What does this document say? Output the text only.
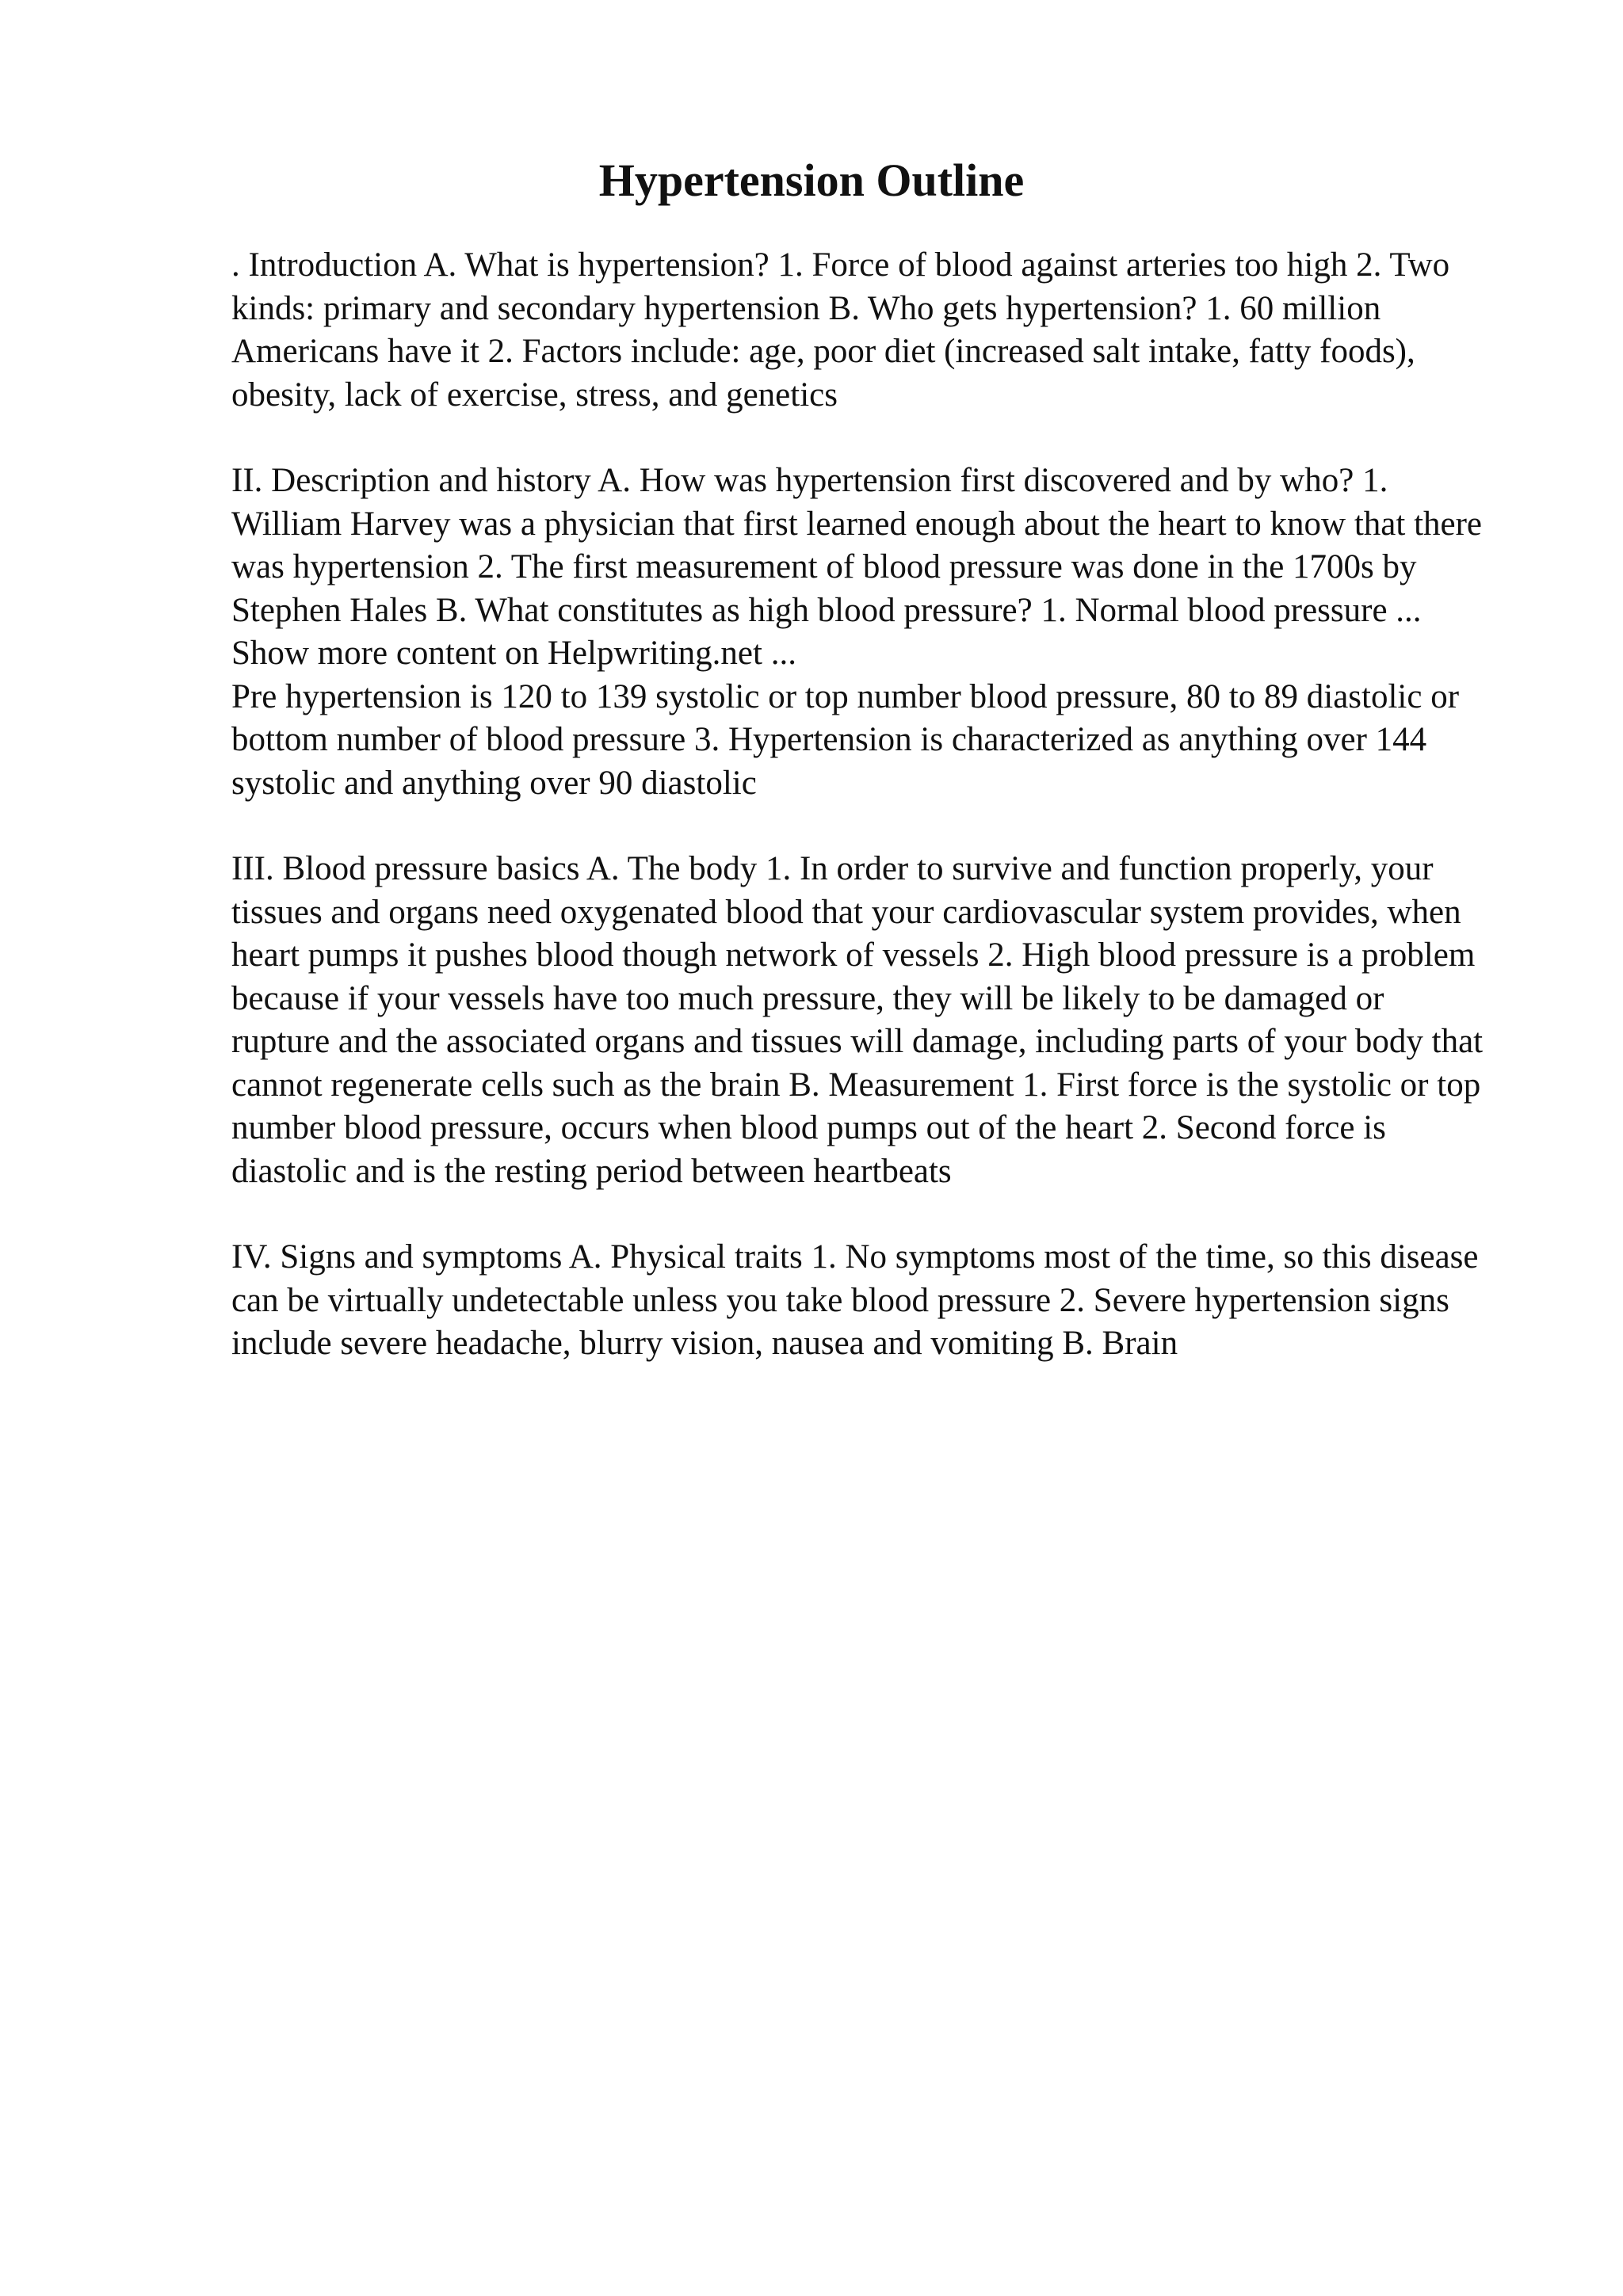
Hypertension Outline

. Introduction A. What is hypertension? 1. Force of blood against arteries too high 2. Two kinds: primary and secondary hypertension B. Who gets hypertension? 1. 60 million Americans have it 2. Factors include: age, poor diet (increased salt intake, fatty foods), obesity, lack of exercise, stress, and genetics

II. Description and history A. How was hypertension first discovered and by who? 1. William Harvey was a physician that first learned enough about the heart to know that there was hypertension 2. The first measurement of blood pressure was done in the 1700s by Stephen Hales B. What constitutes as high blood pressure? 1. Normal blood pressure ... Show more content on Helpwriting.net ...

Pre hypertension is 120 to 139 systolic or top number blood pressure, 80 to 89 diastolic or bottom number of blood pressure 3. Hypertension is characterized as anything over 144 systolic and anything over 90 diastolic

III. Blood pressure basics A. The body 1. In order to survive and function properly, your tissues and organs need oxygenated blood that your cardiovascular system provides, when heart pumps it pushes blood though network of vessels 2. High blood pressure is a problem because if your vessels have too much pressure, they will be likely to be damaged or rupture and the associated organs and tissues will damage, including parts of your body that cannot regenerate cells such as the brain B. Measurement 1. First force is the systolic or top number blood pressure, occurs when blood pumps out of the heart 2. Second force is diastolic and is the resting period between heartbeats

IV. Signs and symptoms A. Physical traits 1. No symptoms most of the time, so this disease can be virtually undetectable unless you take blood pressure 2. Severe hypertension signs include severe headache, blurry vision, nausea and vomiting B. Brain
